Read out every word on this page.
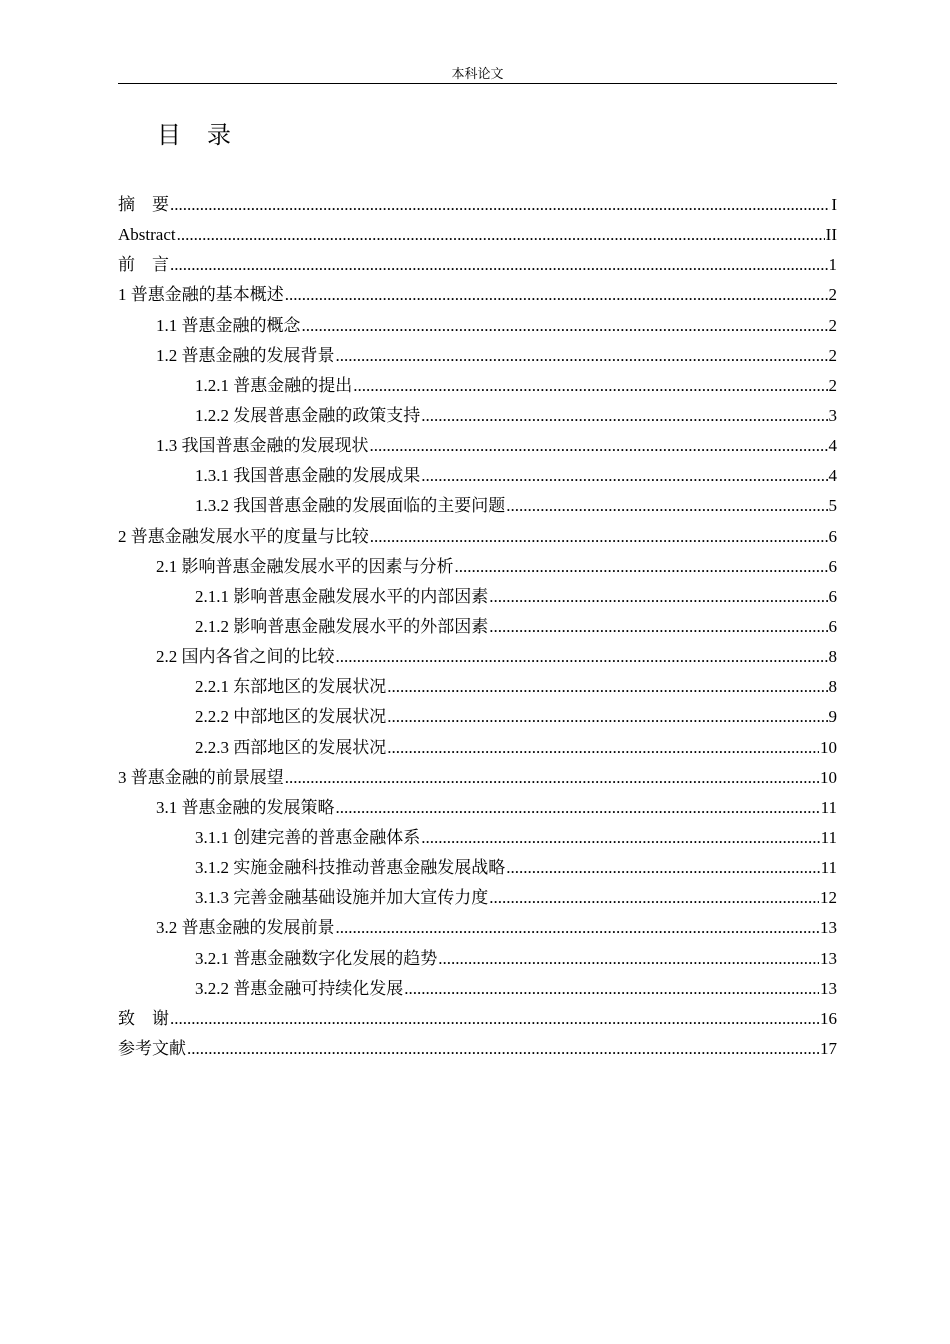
本科论文
目 录
摘    要 .....	I
Abstract .....	II
前    言 .....	1
1 普惠金融的基本概述 .....	2
1.1 普惠金融的概念 .....	2
1.2 普惠金融的发展背景 .....	2
1.2.1 普惠金融的提出 .....	2
1.2.2 发展普惠金融的政策支持 .....	3
1.3 我国普惠金融的发展现状 .....	4
1.3.1 我国普惠金融的发展成果 .....	4
1.3.2 我国普惠金融的发展面临的主要问题 .....	5
2 普惠金融发展水平的度量与比较 .....	6
2.1 影响普惠金融发展水平的因素与分析 .....	6
2.1.1 影响普惠金融发展水平的内部因素 .....	6
2.1.2 影响普惠金融发展水平的外部因素 .....	6
2.2 国内各省之间的比较 .....	8
2.2.1 东部地区的发展状况 .....	8
2.2.2 中部地区的发展状况 .....	9
2.2.3 西部地区的发展状况 .....	10
3 普惠金融的前景展望 .....	10
3.1 普惠金融的发展策略 .....	11
3.1.1 创建完善的普惠金融体系 .....	11
3.1.2 实施金融科技推动普惠金融发展战略 .....	11
3.1.3 完善金融基础设施并加大宣传力度 .....	12
3.2 普惠金融的发展前景 .....	13
3.2.1 普惠金融数字化发展的趋势 .....	13
3.2.2 普惠金融可持续化发展 .....	13
致    谢 .....	16
参考文献 .....	17
